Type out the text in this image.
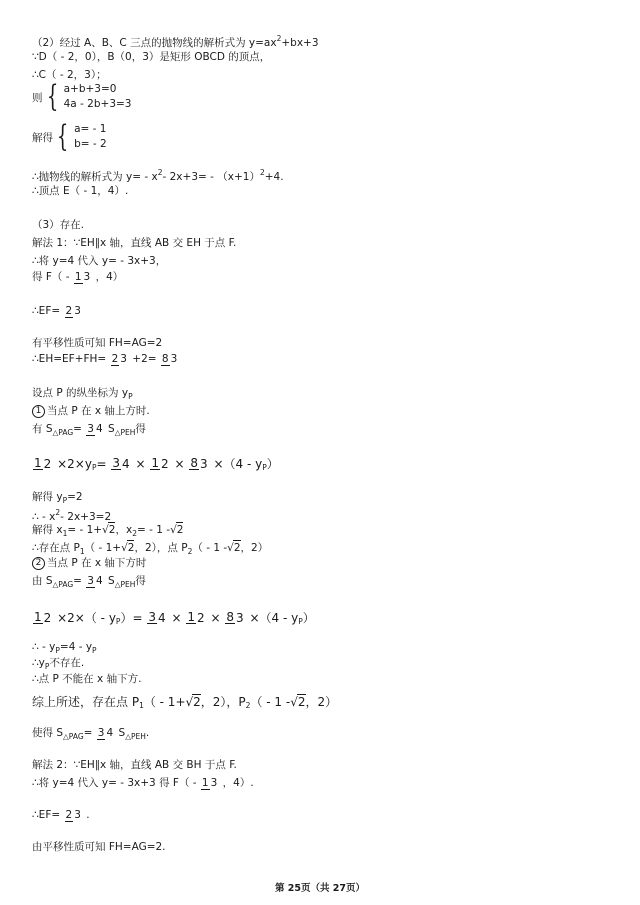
（2）经过 A、B、C 三点的抛物线的解析式为 y=ax2+bx+3
∵D（ - 2，0），B（0，3）是矩形 OBCD 的顶点，
∴C（ - 2，3）；
则 { a+b+3=0
4a - 2b+3=3
解得 { a= - 1
b= - 2
∴抛物线的解析式为 y= - x2- 2x+3= - （x+1）2+4.
∴顶点 E（ - 1，4）.
（3）存在.
解法 1：∵EH∥x 轴，直线 AB 交 EH 于点 F.
∴将 y=4 代入 y= - 3x+3，
得 F（ - 1 3 ，4）
∴EF= 2 3
有平移性质可知 FH=AG=2
∴EH=EF+FH= 2 3 +2= 8 3
设点 P 的纵坐标为 yP
1 当点 P 在 x 轴上方时.
有 S△PAG= 3 4 S△PEH得
1 2 ×2×yP= 3 4 × 1 2 × 8 3 ×（4 - yP）
解得 yP=2
∴ - x2- 2x+3=2
解得 x1= - 1+√2，x2= - 1 -√2
∴存在点 P1（ - 1+√2，2），点 P2（ - 1 -√2，2）
2 当点 P 在 x 轴下方时
由 S△PAG= 3 4 S△PEH得
1 2 ×2×（ - yP）= 3 4 × 1 2 × 8 3 ×（4 - yP）
∴ - yP=4 - yP
∴yP不存在.
∴点 P 不能在 x 轴下方.
综上所述，存在点 P1（ - 1+√2，2），P2（ - 1 -√2，2）
使得 S△PAG= 3 4 S△PEH.
解法 2：∵EH∥x 轴，直线 AB 交 BH 于点 F.
∴将 y=4 代入 y= - 3x+3 得 F（ - 1 3 ，4）.
∴EF= 2 3 .
由平移性质可知 FH=AG=2.
第 25页（共 27页）
